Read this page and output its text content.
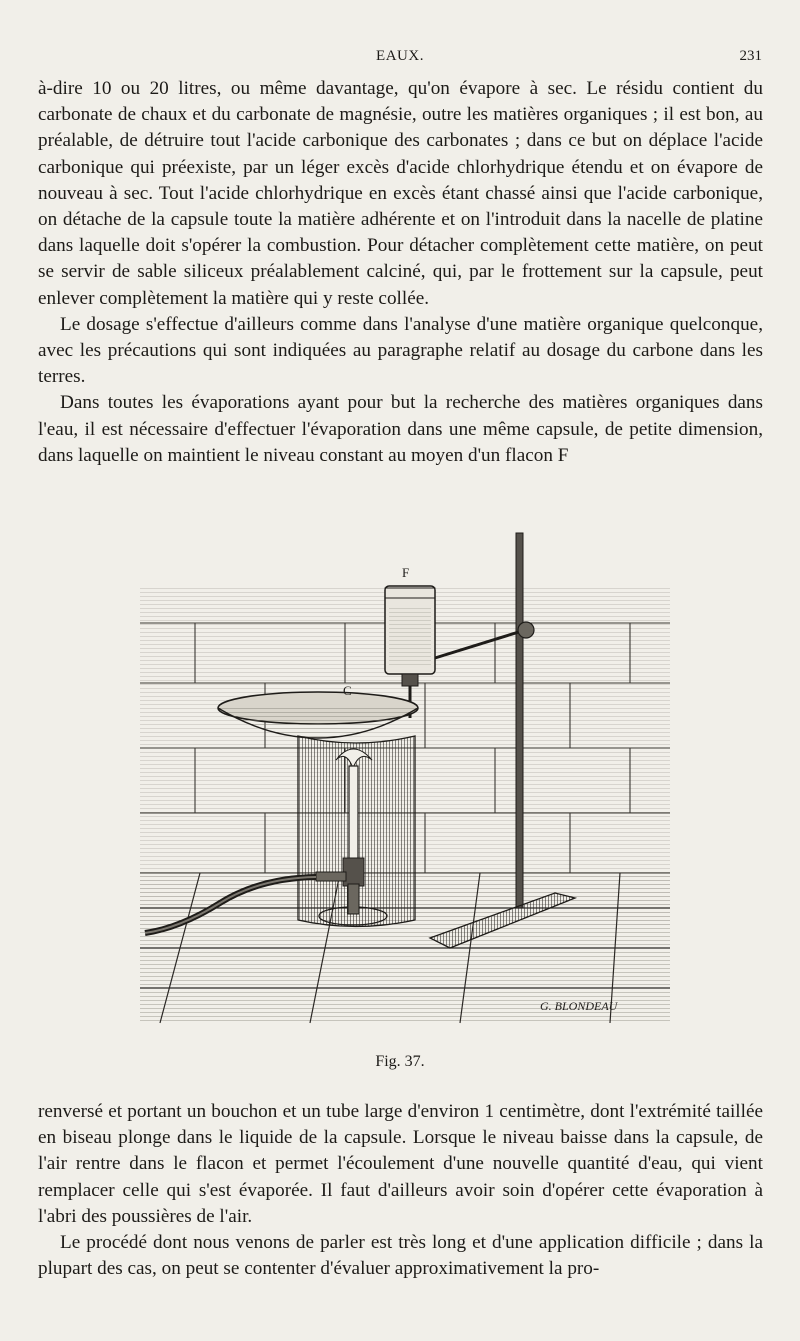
EAUX.	231

à-dire 10 ou 20 litres, ou même davantage, qu'on évapore à sec. Le résidu contient du carbonate de chaux et du carbonate de magnésie, outre les matières organiques ; il est bon, au préalable, de détruire tout l'acide carbonique des carbonates ; dans ce but on déplace l'acide carbonique qui préexiste, par un léger excès d'acide chlorhydrique étendu et on évapore de nouveau à sec. Tout l'acide chlorhydrique en excès étant chassé ainsi que l'acide carbonique, on détache de la capsule toute la matière adhérente et on l'introduit dans la nacelle de platine dans laquelle doit s'opérer la combustion. Pour détacher complètement cette matière, on peut se servir de sable siliceux préalablement calciné, qui, par le frottement sur la capsule, peut enlever complètement la matière qui y reste collée.

Le dosage s'effectue d'ailleurs comme dans l'analyse d'une matière organique quelconque, avec les précautions qui sont indiquées au paragraphe relatif au dosage du carbone dans les terres.

Dans toutes les évaporations ayant pour but la recherche des matières organiques dans l'eau, il est nécessaire d'effectuer l'évaporation dans une même capsule, de petite dimension, dans laquelle on maintient le niveau constant au moyen d'un flacon F

F
C
G. BLONDEAU
Fig. 37.

renversé et portant un bouchon et un tube large d'environ 1 centimètre, dont l'extrémité taillée en biseau plonge dans le liquide de la capsule. Lorsque le niveau baisse dans la capsule, de l'air rentre dans le flacon et permet l'écoulement d'une nouvelle quantité d'eau, qui vient remplacer celle qui s'est évaporée. Il faut d'ailleurs avoir soin d'opérer cette évaporation à l'abri des poussières de l'air.

Le procédé dont nous venons de parler est très long et d'une application difficile ; dans la plupart des cas, on peut se contenter d'évaluer approximativement la pro-
